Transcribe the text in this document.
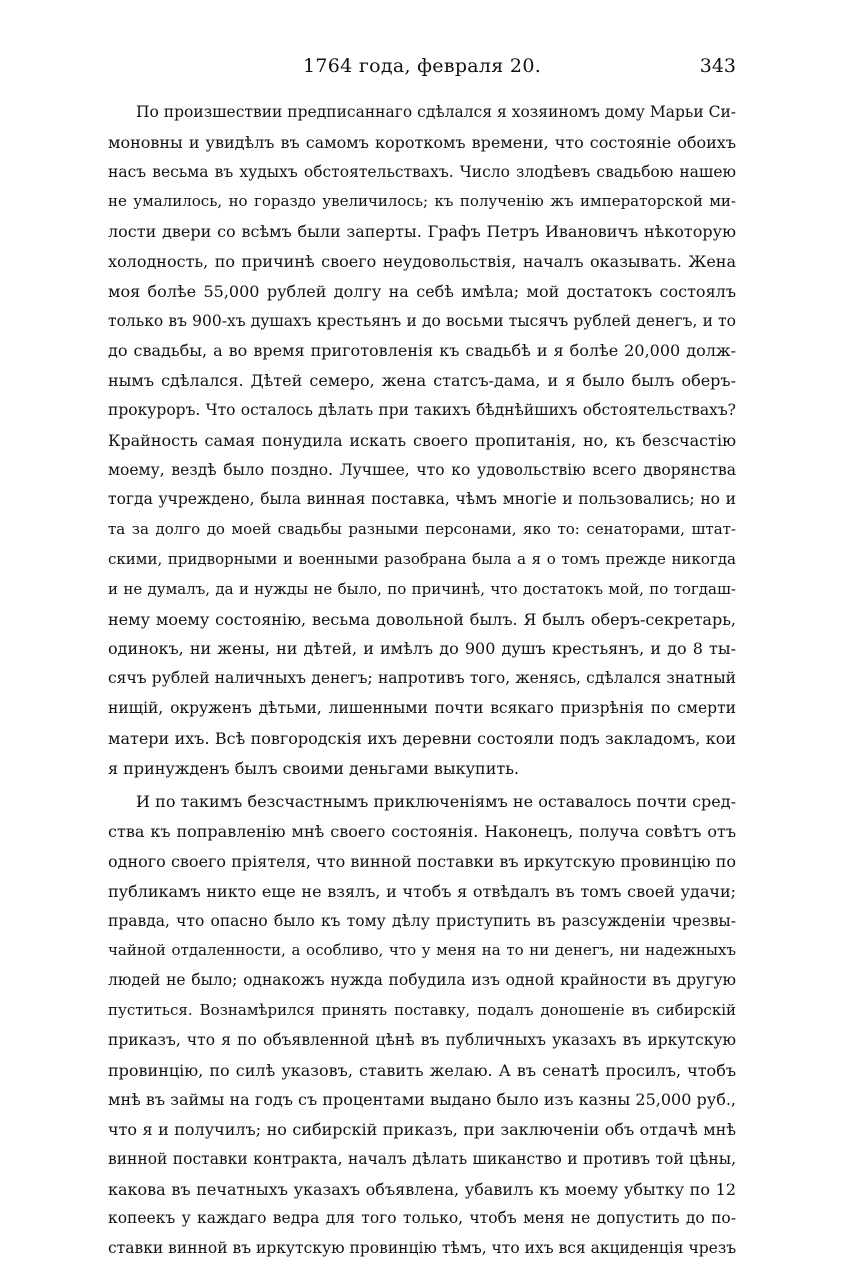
1764 года, февраля 20.	343
По произшествии предписаннаго сдѣлался я хозяиномъ дому Марьи Си-
моновны и увидѣлъ въ самомъ короткомъ времени, что состояніе обоихъ
насъ весьма въ худыхъ обстоятельствахъ. Число злодѣевъ свадьбою нашею
не умалилось, но гораздо увеличилось; къ полученію жъ императорской ми-
лости двери со всѣмъ были заперты. Графъ Петръ Ивановичъ нѣкоторую
холодность, по причинѣ своего неудовольствія, началъ оказывать. Жена
моя болѣе 55,000 рублей долгу на себѣ имѣла; мой достатокъ состоялъ
только въ 900-хъ душахъ крестьянъ и до восьми тысячъ рублей денегъ, и то
до свадьбы, а во время приготовленія къ свадьбѣ и я болѣе 20,000 долж-
нымъ сдѣлался. Дѣтей семеро, жена статсъ-дама, и я было былъ оберъ-
прокуроръ. Что осталось дѣлать при такихъ бѣднѣйшихъ обстоятельствахъ?
Крайность самая понудила искать своего пропитанія, но, къ безсчастію
моему, вездѣ было поздно. Лучшее, что ко удовольствію всего дворянства
тогда учреждено, была винная поставка, чѣмъ многіе и пользовались; но и
та за долго до моей свадьбы разными персонами, яко то: сенаторами, штат-
скими, придворными и военными разобрана была а я о томъ прежде никогда
и не думалъ, да и нужды не было, по причинѣ, что достатокъ мой, по тогдаш-
нему моему состоянію, весьма довольной былъ. Я былъ оберъ-секретарь,
одинокъ, ни жены, ни дѣтей, и имѣлъ до 900 душъ крестьянъ, и до 8 ты-
сячъ рублей наличныхъ денегъ; напротивъ того, женясь, сдѣлался знатный
нищій, окруженъ дѣтьми, лишенными почти всякаго призрѣнія по смерти
матери ихъ. Всѣ повгородскія ихъ деревни состояли подъ закладомъ, кои
я принужденъ былъ своими деньгами выкупить.
И по такимъ безсчастнымъ приключеніямъ не оставалось почти сред-
ства къ поправленію мнѣ своего состоянія. Наконецъ, получа совѣтъ отъ
одного своего пріятеля, что винной поставки въ иркутскую провинцію по
публикамъ никто еще не взялъ, и чтобъ я отвѣдалъ въ томъ своей удачи;
правда, что опасно было къ тому дѣлу приступить въ разсужденіи чрезвы-
чайной отдаленности, а особливо, что у меня на то ни денегъ, ни надежныхъ
людей не было; однакожъ нужда побудила изъ одной крайности въ другую
пуститься. Вознамѣрился принять поставку, подалъ доношеніе въ сибирскій
приказъ, что я по объявленной цѣнѣ въ публичныхъ указахъ въ иркутскую
провинцію, по силѣ указовъ, ставить желаю. А въ сенатѣ просилъ, чтобъ
мнѣ въ займы на годъ съ процентами выдано было изъ казны 25,000 руб.,
что я и получилъ; но сибирскій приказъ, при заключеніи объ отдачѣ мнѣ
винной поставки контракта, началъ дѣлать шиканство и противъ той цѣны,
какова въ печатныхъ указахъ объявлена, убавилъ къ моему убытку по 12
копеекъ у каждаго ведра для того только, чтобъ меня не допустить до по-
ставки винной въ иркутскую провинцію тѣмъ, что ихъ вся акциденція чрезъ
